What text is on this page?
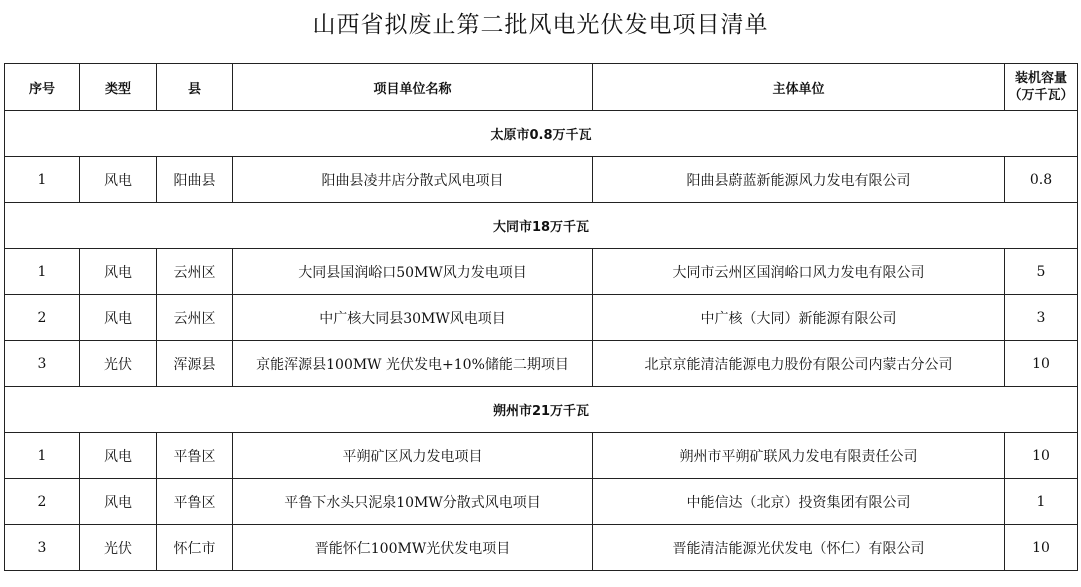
山西省拟废止第二批风电光伏发电项目清单
序号	类型	县	项目单位名称	主体单位	装机容量
（万千瓦）
太原市0.8万千瓦					
1	风电	阳曲县	阳曲县凌井店分散式风电项目	阳曲县蔚蓝新能源风力发电有限公司	0.8
大同市18万千瓦					
1	风电	云州区	大同县国润峪口50MW风力发电项目	大同市云州区国润峪口风力发电有限公司	5
2	风电	云州区	中广核大同县30MW风电项目	中广核（大同）新能源有限公司	3
3	光伏	浑源县	京能浑源县100MW 光伏发电+10%储能二期项目	北京京能清洁能源电力股份有限公司内蒙古分公司	10
朔州市21万千瓦					
1	风电	平鲁区	平朔矿区风力发电项目	朔州市平朔矿联风力发电有限责任公司	10
2	风电	平鲁区	平鲁下水头只泥泉10MW分散式风电项目	中能信达（北京）投资集团有限公司	1
3	光伏	怀仁市	晋能怀仁100MW光伏发电项目	晋能清洁能源光伏发电（怀仁）有限公司	10
